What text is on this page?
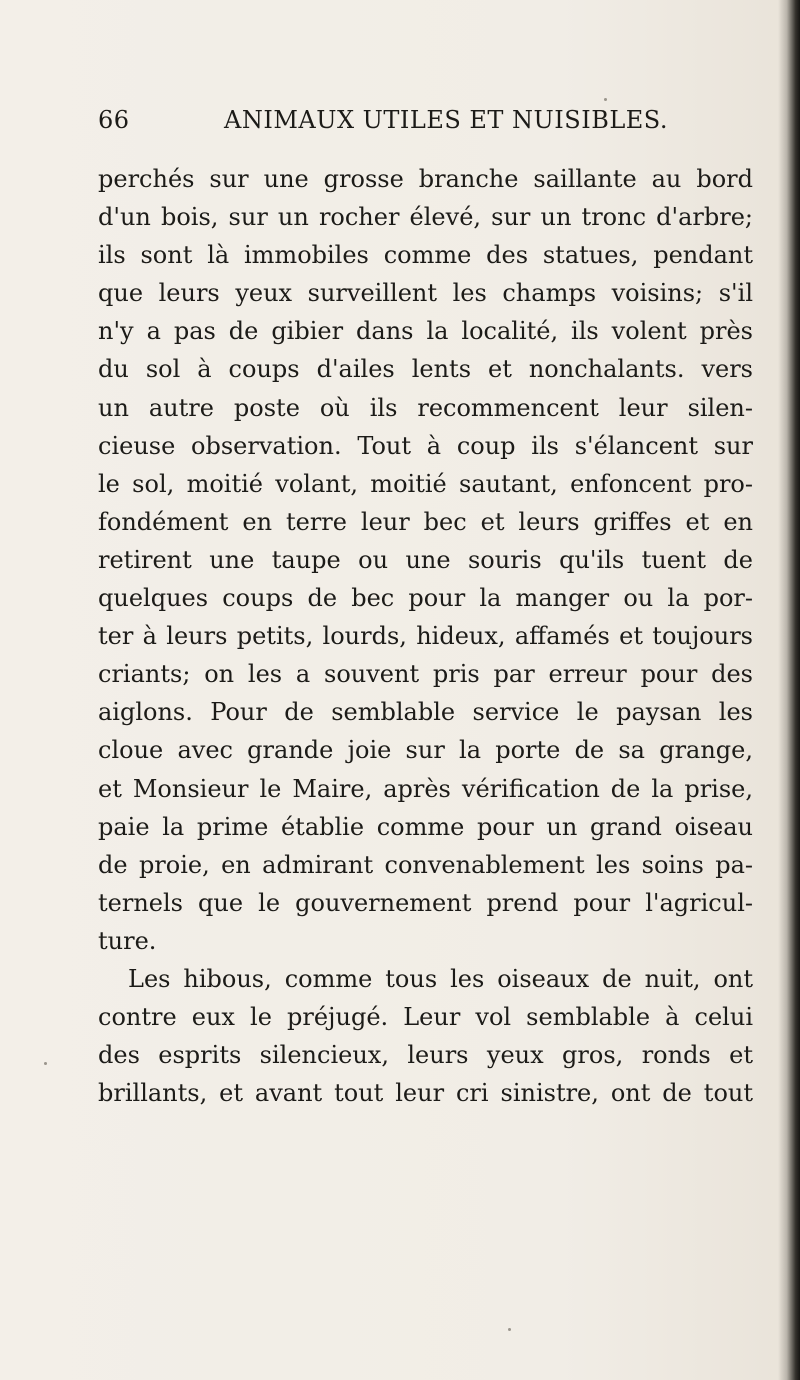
66	ANIMAUX UTILES ET NUISIBLES.
perchés sur une grosse branche saillante au bord
d'un bois, sur un rocher élevé, sur un tronc d'arbre;
ils sont là immobiles comme des statues, pendant
que leurs yeux surveillent les champs voisins; s'il
n'y a pas de gibier dans la localité, ils volent près
du sol à coups d'ailes lents et nonchalants. vers
un autre poste où ils recommencent leur silen-
cieuse observation. Tout à coup ils s'élancent sur
le sol, moitié volant, moitié sautant, enfoncent pro-
fondément en terre leur bec et leurs griffes et en
retirent une taupe ou une souris qu'ils tuent de
quelques coups de bec pour la manger ou la por-
ter à leurs petits, lourds, hideux, affamés et toujours
criants; on les a souvent pris par erreur pour des
aiglons. Pour de semblable service le paysan les
cloue avec grande joie sur la porte de sa grange,
et Monsieur le Maire, après vérification de la prise,
paie la prime établie comme pour un grand oiseau
de proie, en admirant convenablement les soins pa-
ternels que le gouvernement prend pour l'agricul-
ture.
Les hibous, comme tous les oiseaux de nuit, ont
contre eux le préjugé. Leur vol semblable à celui
des esprits silencieux, leurs yeux gros, ronds et
brillants, et avant tout leur cri sinistre, ont de tout
